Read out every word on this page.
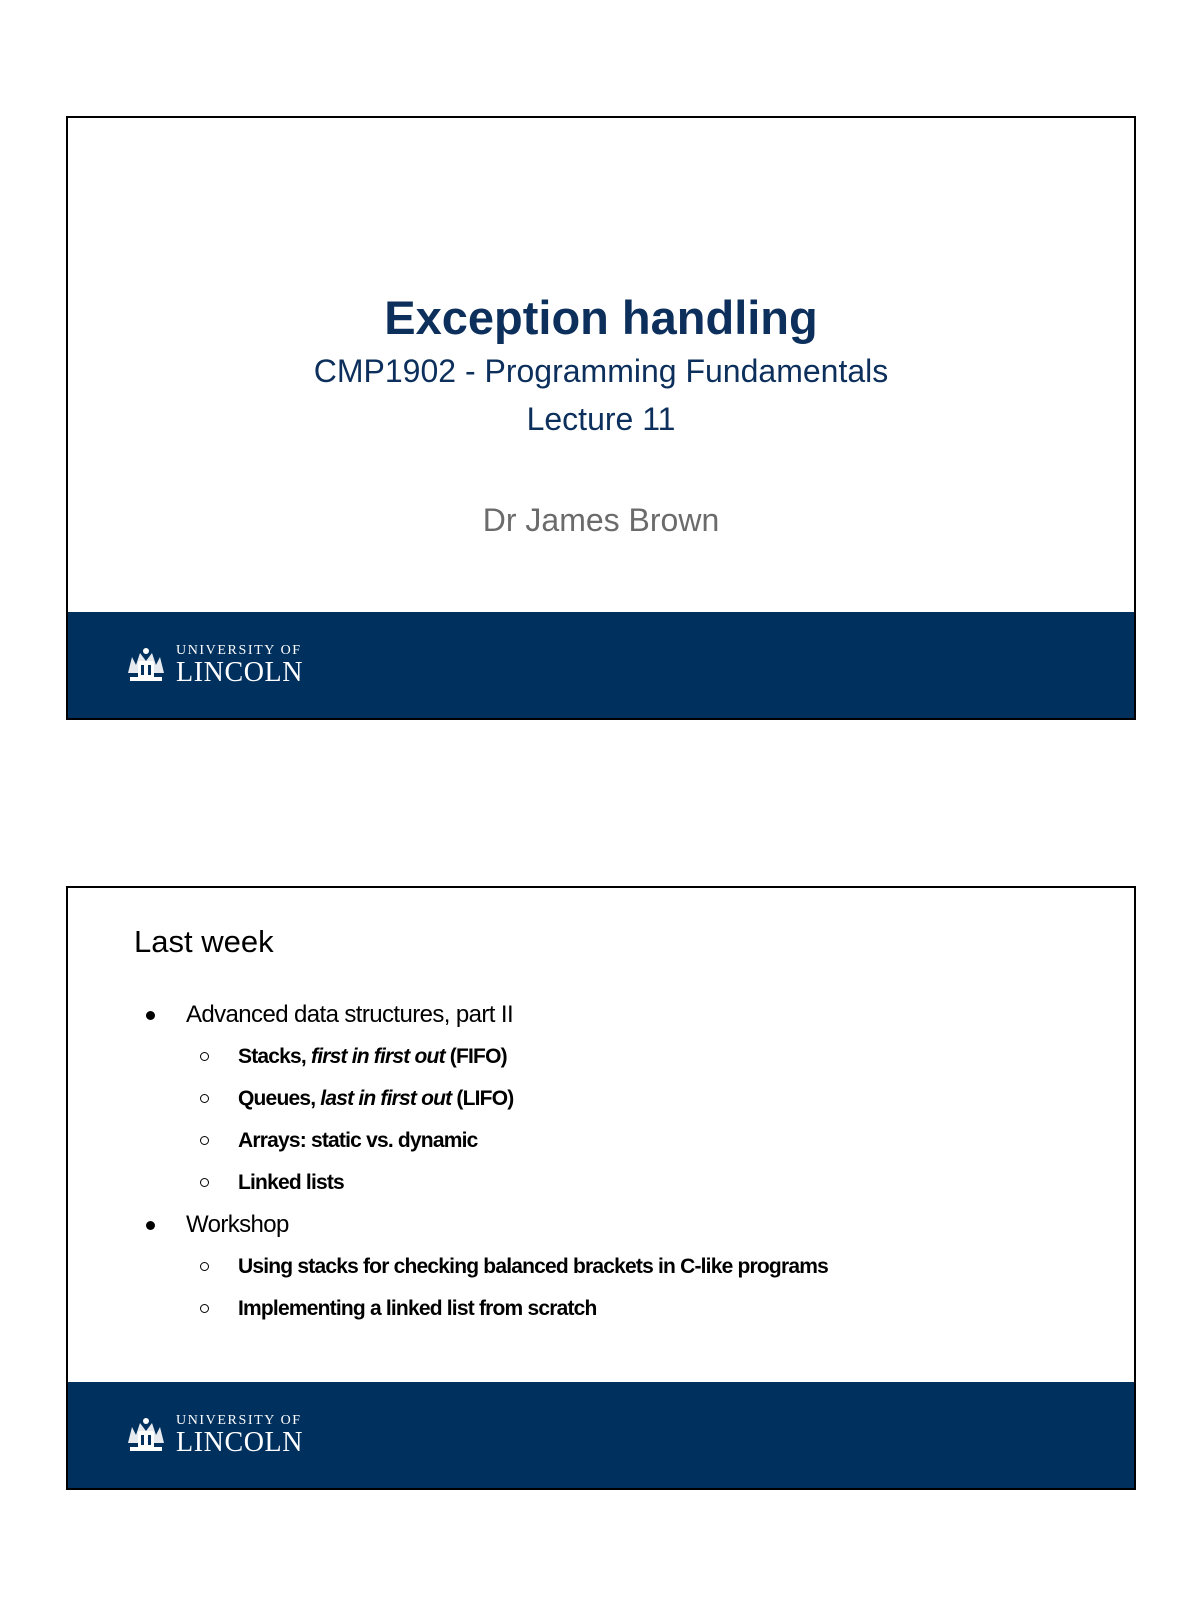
Exception handling
CMP1902 - Programming Fundamentals
Lecture 11
Dr James Brown
UNIVERSITY OF
LINCOLN
Last week
Advanced data structures, part II
Stacks, first in first out (FIFO)
Queues, last in first out (LIFO)
Arrays: static vs. dynamic
Linked lists
Workshop
Using stacks for checking balanced brackets in C-like programs
Implementing a linked list from scratch
UNIVERSITY OF
LINCOLN
